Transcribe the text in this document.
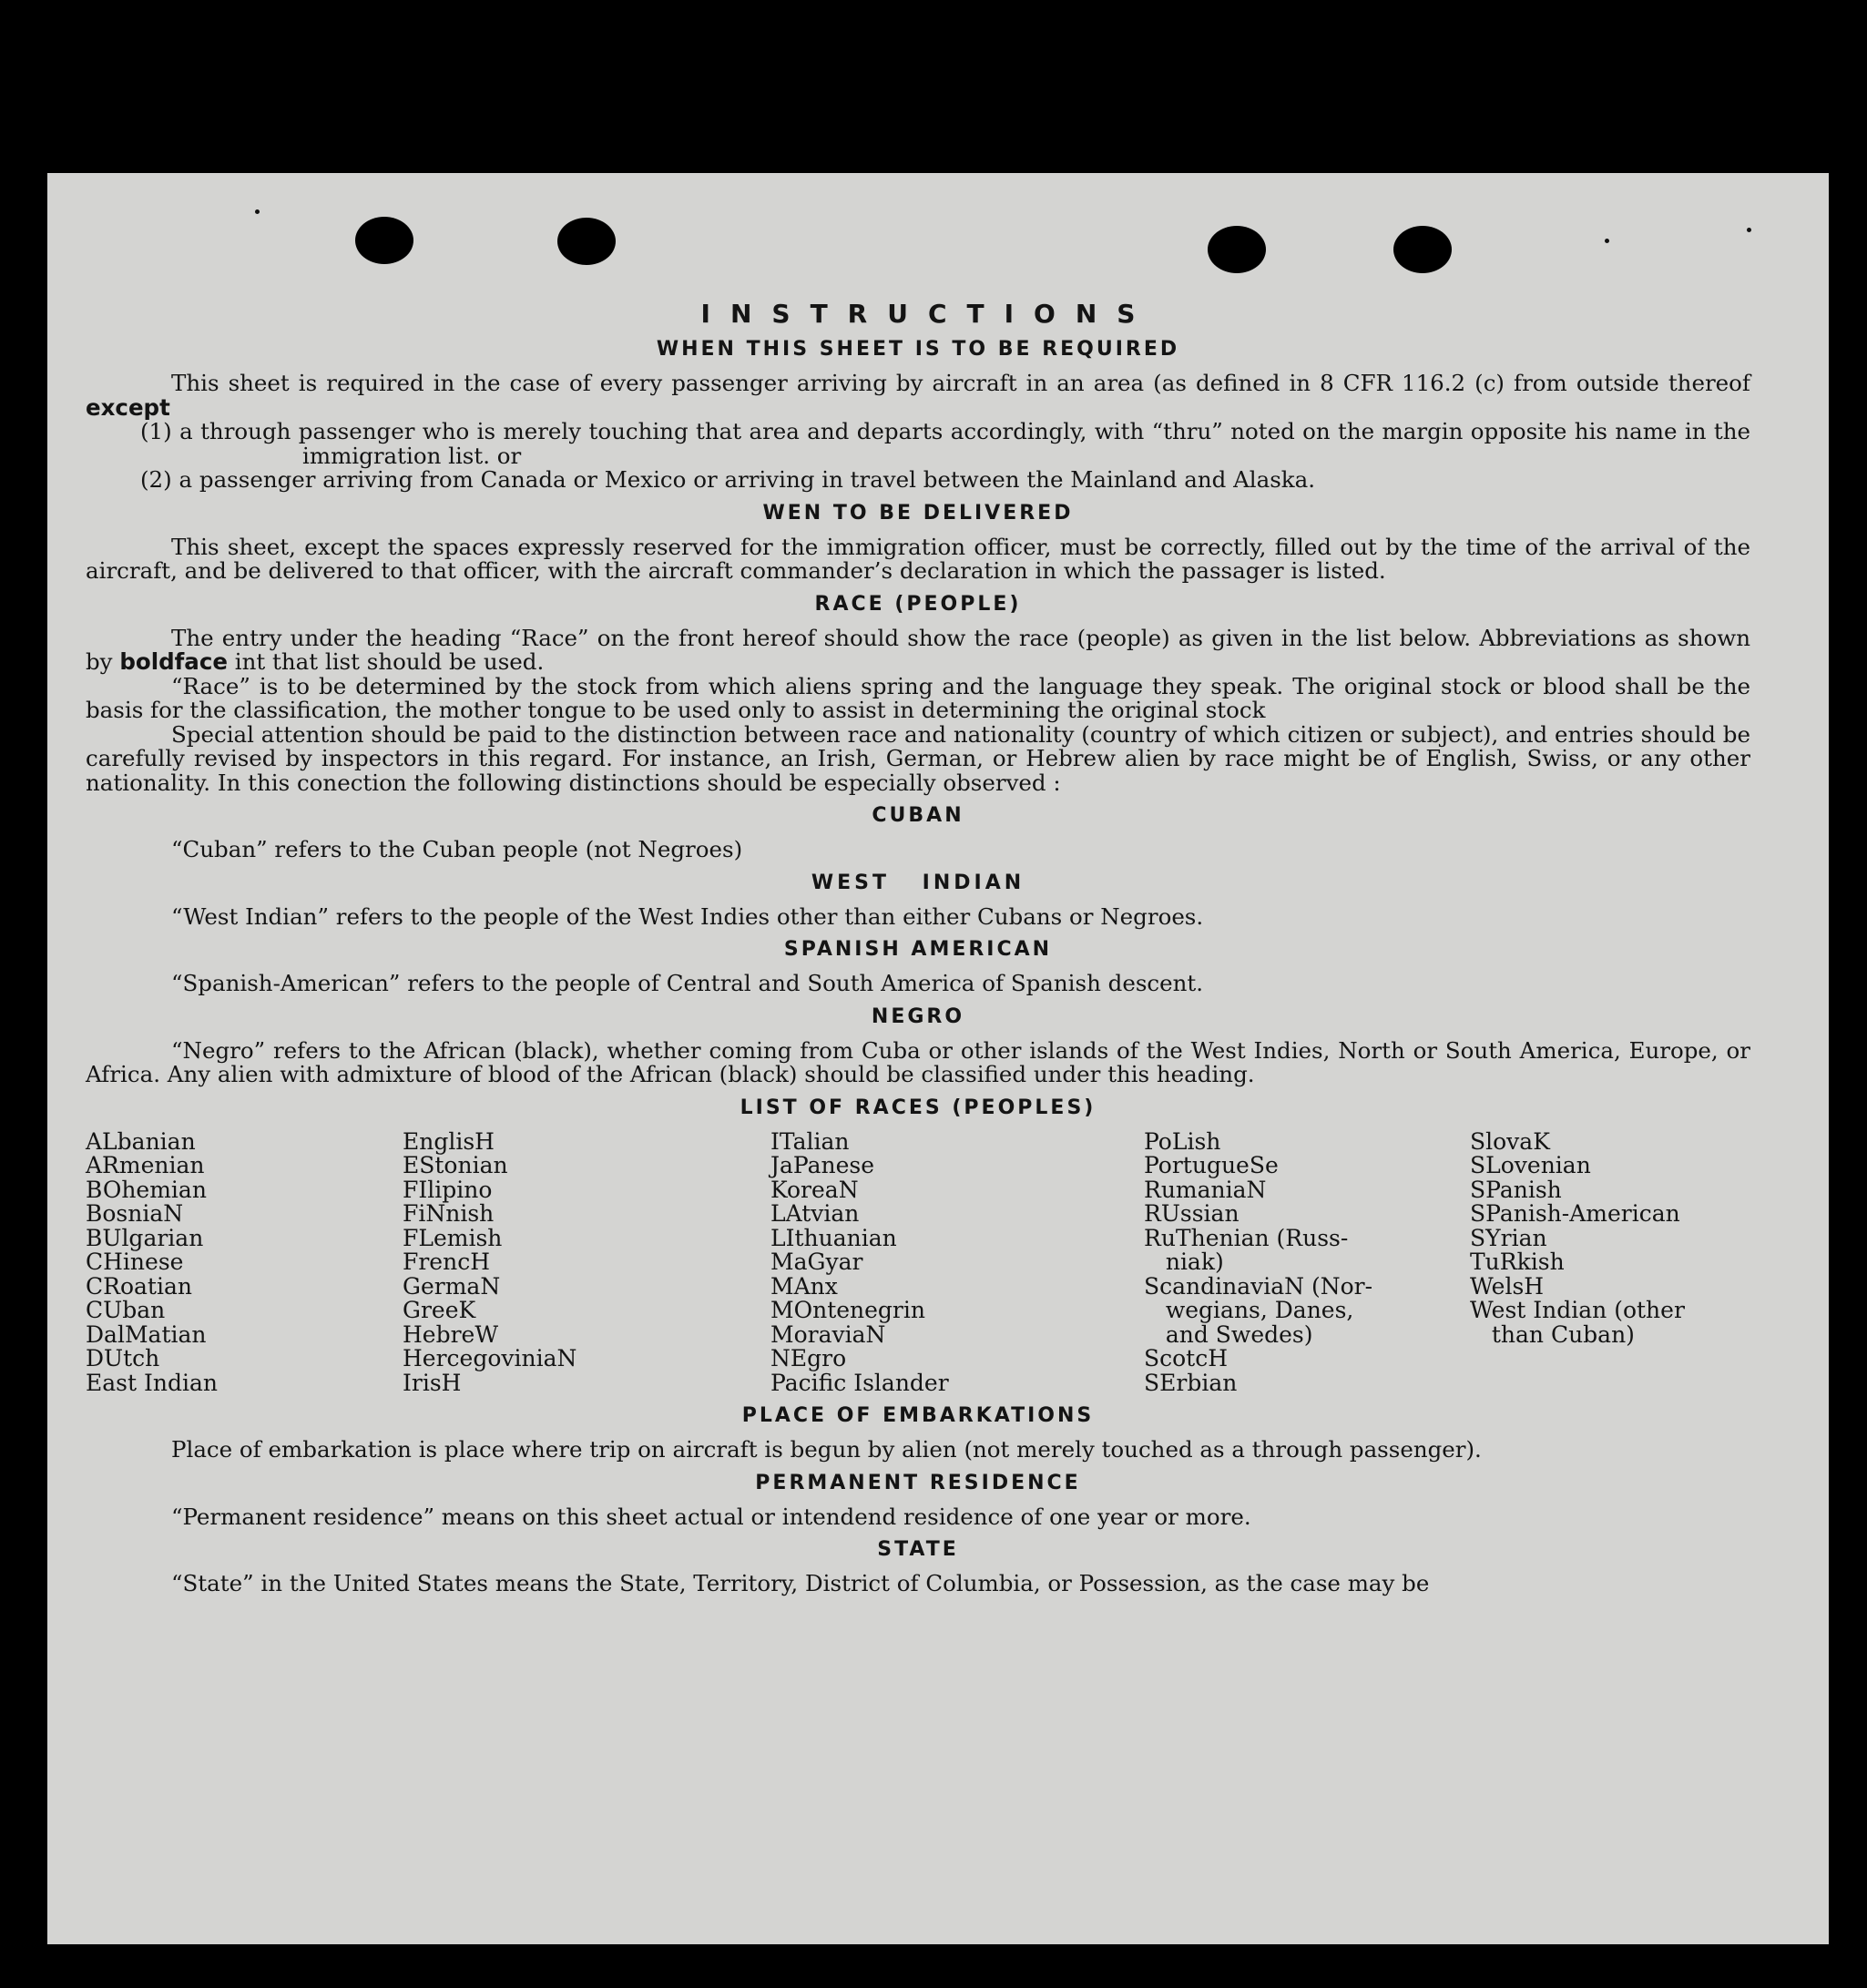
INSTRUCTIONS
WHEN THIS SHEET IS TO BE REQUIRED

This sheet is required in the case of every passenger arriving by aircraft in an area (as defined in 8 CFR 116.2 (c) from outside thereof except

(1) a through passenger who is merely touching that area and departs accordingly, with “thru” noted on the margin opposite his name in the immigration list. or

(2) a passenger arriving from Canada or Mexico or arriving in travel between the Mainland and Alaska.

WEN TO BE DELIVERED

This sheet, except the spaces expressly reserved for the immigration officer, must be correctly, filled out by the time of the arrival of the aircraft, and be delivered to that officer, with the aircraft commander’s declaration in which the passager is listed.

RACE (PEOPLE)

The entry under the heading “Race” on the front hereof should show the race (people) as given in the list below. Abbreviations as shown by boldface int that list should be used.

“Race” is to be determined by the stock from which aliens spring and the language they speak. The original stock or blood shall be the basis for the classification, the mother tongue to be used only to assist in determining the original stock

Special attention should be paid to the distinction between race and nationality (country of which citizen or subject), and entries should be carefully revised by inspectors in this regard. For instance, an Irish, German, or Hebrew alien by race might be of English, Swiss, or any other nationality. In this conection the following distinctions should be especially observed :

CUBAN

“Cuban” refers to the Cuban people (not Negroes)

WEST INDIAN

“West Indian” refers to the people of the West Indies other than either Cubans or Negroes.

SPANISH AMERICAN

“Spanish-American” refers to the people of Central and South America of Spanish descent.

NEGRO

“Negro” refers to the African (black), whether coming from Cuba or other islands of the West Indies, North or South America, Europe, or Africa. Any alien with admixture of blood of the African (black) should be classified under this heading.

LIST OF RACES (PEOPLES)
ALbanian
ARmenian
BOhemian
BosniaN
BUlgarian
CHinese
CRoatian
CUban
DalMatian
DUtch
East Indian
EnglisH
EStonian
FIlipino
FiNnish
FLemish
FrencH
GermaN
GreeK
HebreW
HercegoviniaN
IrisH
ITalian
JaPanese
KoreaN
LAtvian
LIthuanian
MaGyar
MAnx
MOntenegrin
MoraviaN
NEgro
Pacific Islander
PoLish
PortugueSe
RumaniaN
RUssian
RuThenian (Russ-
niak)
ScandinaviaN (Nor-
wegians, Danes,
and Swedes)
ScotcH
SErbian
SlovaK
SLovenian
SPanish
SPanish-American
SYrian
TuRkish
WelsH
West Indian (other
than Cuban)
PLACE OF EMBARKATIONS

Place of embarkation is place where trip on aircraft is begun by alien (not merely touched as a through passenger).

PERMANENT RESIDENCE

“Permanent residence” means on this sheet actual or intendend residence of one year or more.

STATE

“State” in the United States means the State, Territory, District of Columbia, or Possession, as the case may be
